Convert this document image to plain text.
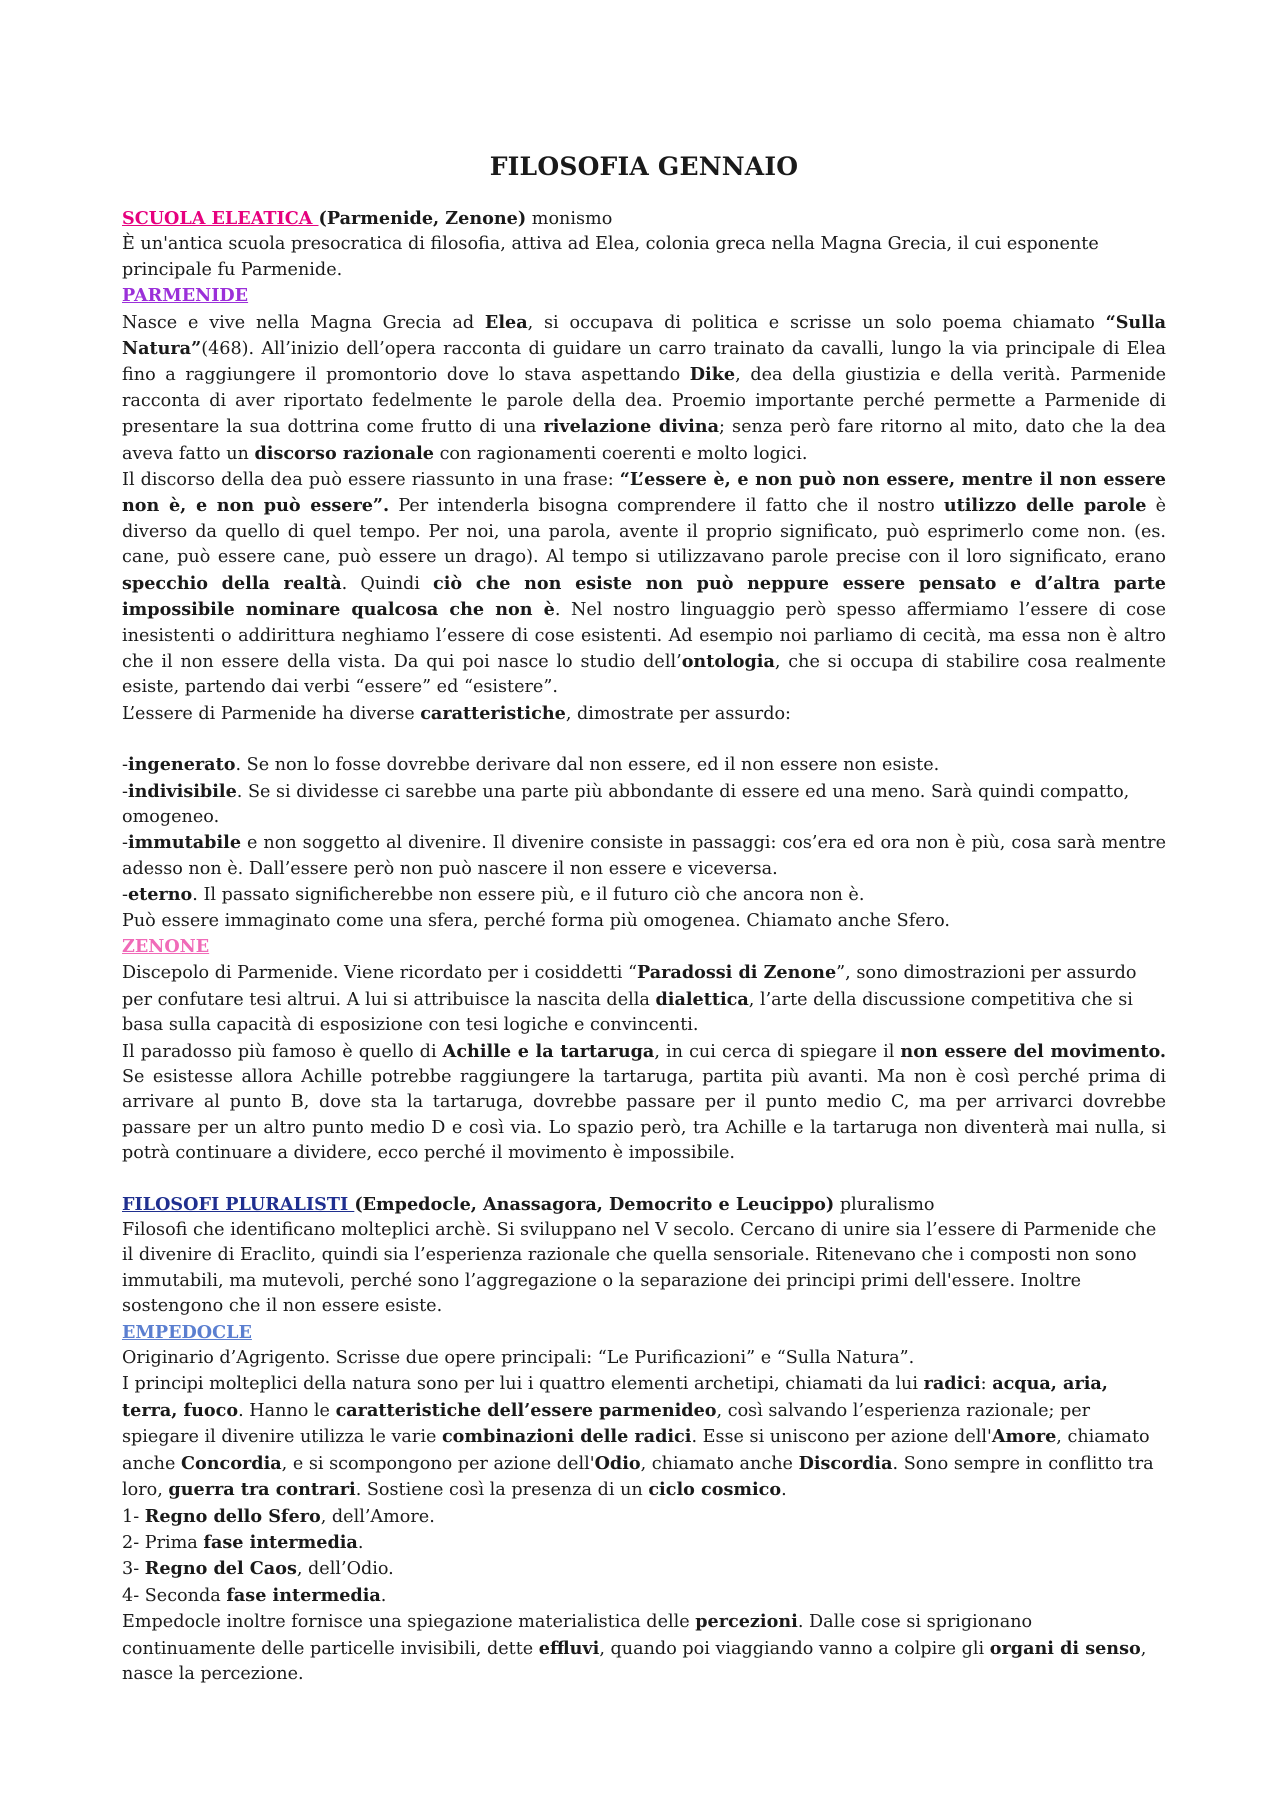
FILOSOFIA GENNAIO

SCUOLA ELEATICA (Parmenide, Zenone) monismo

È un'antica scuola presocratica di filosofia, attiva ad Elea, colonia greca nella Magna Grecia, il cui esponente principale fu Parmenide.

PARMENIDE

Nasce e vive nella Magna Grecia ad Elea, si occupava di politica e scrisse un solo poema chiamato “Sulla Natura”(468). All’inizio dell’opera racconta di guidare un carro trainato da cavalli, lungo la via principale di Elea fino a raggiungere il promontorio dove lo stava aspettando Dike, dea della giustizia e della verità. Parmenide racconta di aver riportato fedelmente le parole della dea. Proemio importante perché permette a Parmenide di presentare la sua dottrina come frutto di una rivelazione divina; senza però fare ritorno al mito, dato che la dea aveva fatto un discorso razionale con ragionamenti coerenti e molto logici.

Il discorso della dea può essere riassunto in una frase: “L’essere è, e non può non essere, mentre il non essere non è, e non può essere”. Per intenderla bisogna comprendere il fatto che il nostro utilizzo delle parole è diverso da quello di quel tempo. Per noi, una parola, avente il proprio significato, può esprimerlo come non. (es. cane, può essere cane, può essere un drago). Al tempo si utilizzavano parole precise con il loro significato, erano specchio della realtà. Quindi ciò che non esiste non può neppure essere pensato e d’altra parte impossibile nominare qualcosa che non è. Nel nostro linguaggio però spesso affermiamo l’essere di cose inesistenti o addirittura neghiamo l’essere di cose esistenti. Ad esempio noi parliamo di cecità, ma essa non è altro che il non essere della vista. Da qui poi nasce lo studio dell’ontologia, che si occupa di stabilire cosa realmente esiste, partendo dai verbi “essere” ed “esistere”.

L’essere di Parmenide ha diverse caratteristiche, dimostrate per assurdo:

-ingenerato. Se non lo fosse dovrebbe derivare dal non essere, ed il non essere non esiste.

-indivisibile. Se si dividesse ci sarebbe una parte più abbondante di essere ed una meno. Sarà quindi compatto, omogeneo.

-immutabile e non soggetto al divenire. Il divenire consiste in passaggi: cos’era ed ora non è più, cosa sarà mentre adesso non è. Dall’essere però non può nascere il non essere e viceversa.

-eterno. Il passato significherebbe non essere più, e il futuro ciò che ancora non è.

Può essere immaginato come una sfera, perché forma più omogenea. Chiamato anche Sfero.

ZENONE

Discepolo di Parmenide. Viene ricordato per i cosiddetti “Paradossi di Zenone”, sono dimostrazioni per assurdo per confutare tesi altrui. A lui si attribuisce la nascita della dialettica, l’arte della discussione competitiva che si basa sulla capacità di esposizione con tesi logiche e convincenti.

Il paradosso più famoso è quello di Achille e la tartaruga, in cui cerca di spiegare il non essere del movimento. Se esistesse allora Achille potrebbe raggiungere la tartaruga, partita più avanti. Ma non è così perché prima di arrivare al punto B, dove sta la tartaruga, dovrebbe passare per il punto medio C, ma per arrivarci dovrebbe passare per un altro punto medio D e così via. Lo spazio però, tra Achille e la tartaruga non diventerà mai nulla, si potrà continuare a dividere, ecco perché il movimento è impossibile.

FILOSOFI PLURALISTI (Empedocle, Anassagora, Democrito e Leucippo) pluralismo

Filosofi che identificano molteplici archè. Si sviluppano nel V secolo. Cercano di unire sia l’essere di Parmenide che il divenire di Eraclito, quindi sia l’esperienza razionale che quella sensoriale. Ritenevano che i composti non sono immutabili, ma mutevoli, perché sono l’aggregazione o la separazione dei principi primi dell'essere. Inoltre sostengono che il non essere esiste.

EMPEDOCLE

Originario d’Agrigento. Scrisse due opere principali: “Le Purificazioni” e “Sulla Natura”.

I principi molteplici della natura sono per lui i quattro elementi archetipi, chiamati da lui radici: acqua, aria, terra, fuoco. Hanno le caratteristiche dell’essere parmenideo, così salvando l’esperienza razionale; per spiegare il divenire utilizza le varie combinazioni delle radici. Esse si uniscono per azione dell'Amore, chiamato anche Concordia, e si scompongono per azione dell'Odio, chiamato anche Discordia. Sono sempre in conflitto tra loro, guerra tra contrari. Sostiene così la presenza di un ciclo cosmico.

1- Regno dello Sfero, dell’Amore.

2- Prima fase intermedia.

3- Regno del Caos, dell’Odio.

4- Seconda fase intermedia.

Empedocle inoltre fornisce una spiegazione materialistica delle percezioni. Dalle cose si sprigionano continuamente delle particelle invisibili, dette effluvi, quando poi viaggiando vanno a colpire gli organi di senso, nasce la percezione.
